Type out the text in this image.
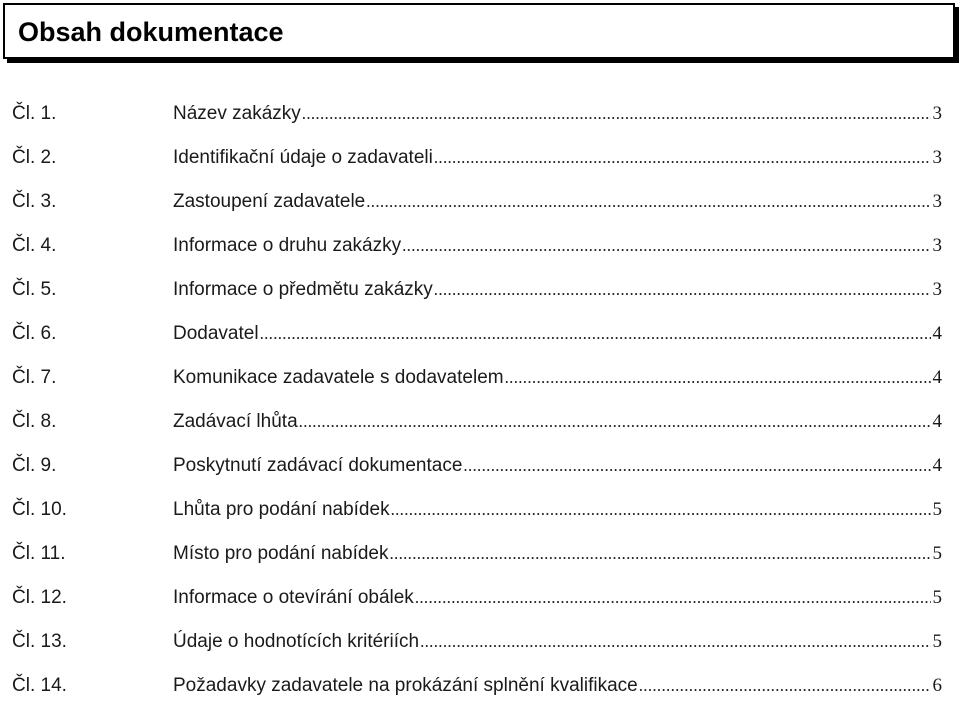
Obsah dokumentace
Čl. 1.	Název zakázky .....	3
Čl. 2.	Identifikační údaje o zadavateli .....	3
Čl. 3.	Zastoupení zadavatele .....	3
Čl. 4.	Informace o druhu zakázky .....	3
Čl. 5.	Informace o předmětu zakázky .....	3
Čl. 6.	Dodavatel .....	4
Čl. 7.	Komunikace zadavatele s dodavatelem .....	4
Čl. 8.	Zadávací lhůta .....	4
Čl. 9.	Poskytnutí zadávací dokumentace .....	4
Čl. 10.	Lhůta pro podání nabídek .....	5
Čl. 11.	Místo pro podání nabídek .....	5
Čl. 12.	Informace o otevírání obálek .....	5
Čl. 13.	Údaje o hodnotících kritériích .....	5
Čl. 14.	Požadavky zadavatele na prokázání splnění kvalifikace .....	6
